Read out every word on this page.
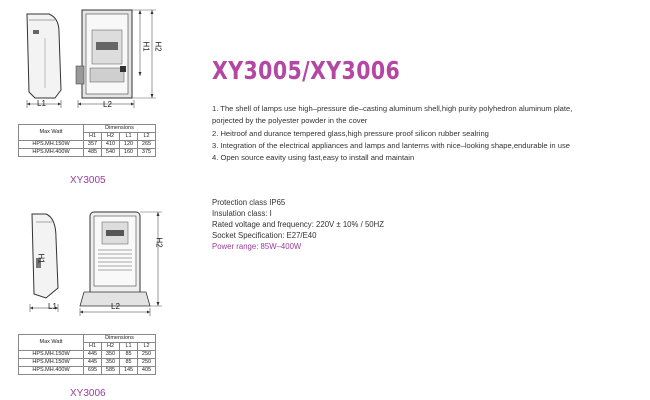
H1 H2
L1	L2
Max Watt	Dimensions			
	H1	H2	L1	L2
HPS.MH.150W	357	410	120	265
HPS.MH.400W	485	540	160	375
XY3005
H1
H2
L1	L2
Max Watt	Dimensions			
	H1	H2	L1	L2
HPS.MH.150W	445	350	85	250
HPS.MH.150W	445	350	85	250
HPS.MH.400W	695	585	145	405
XY3006
XY3005/XY3006
1. The shell of lamps use high–pressure die–casting aluminum shell,high purity polyhedron aluminum plate,
porjected by the polyester powder in the cover
2. Heitroof and durance tempered glass,high pressure proof silicon rubber sealring
3. Integration of the electrical appliances and lamps and lanterns with nice–looking shape,endurable in use
4. Open source eavity using fast,easy to install and maintain
Protection class IP65
Insulation class: I
Rated voltage and frequency: 220V ± 10% / 50HZ
Socket Specification: E27/E40
Power range: 85W–400W
